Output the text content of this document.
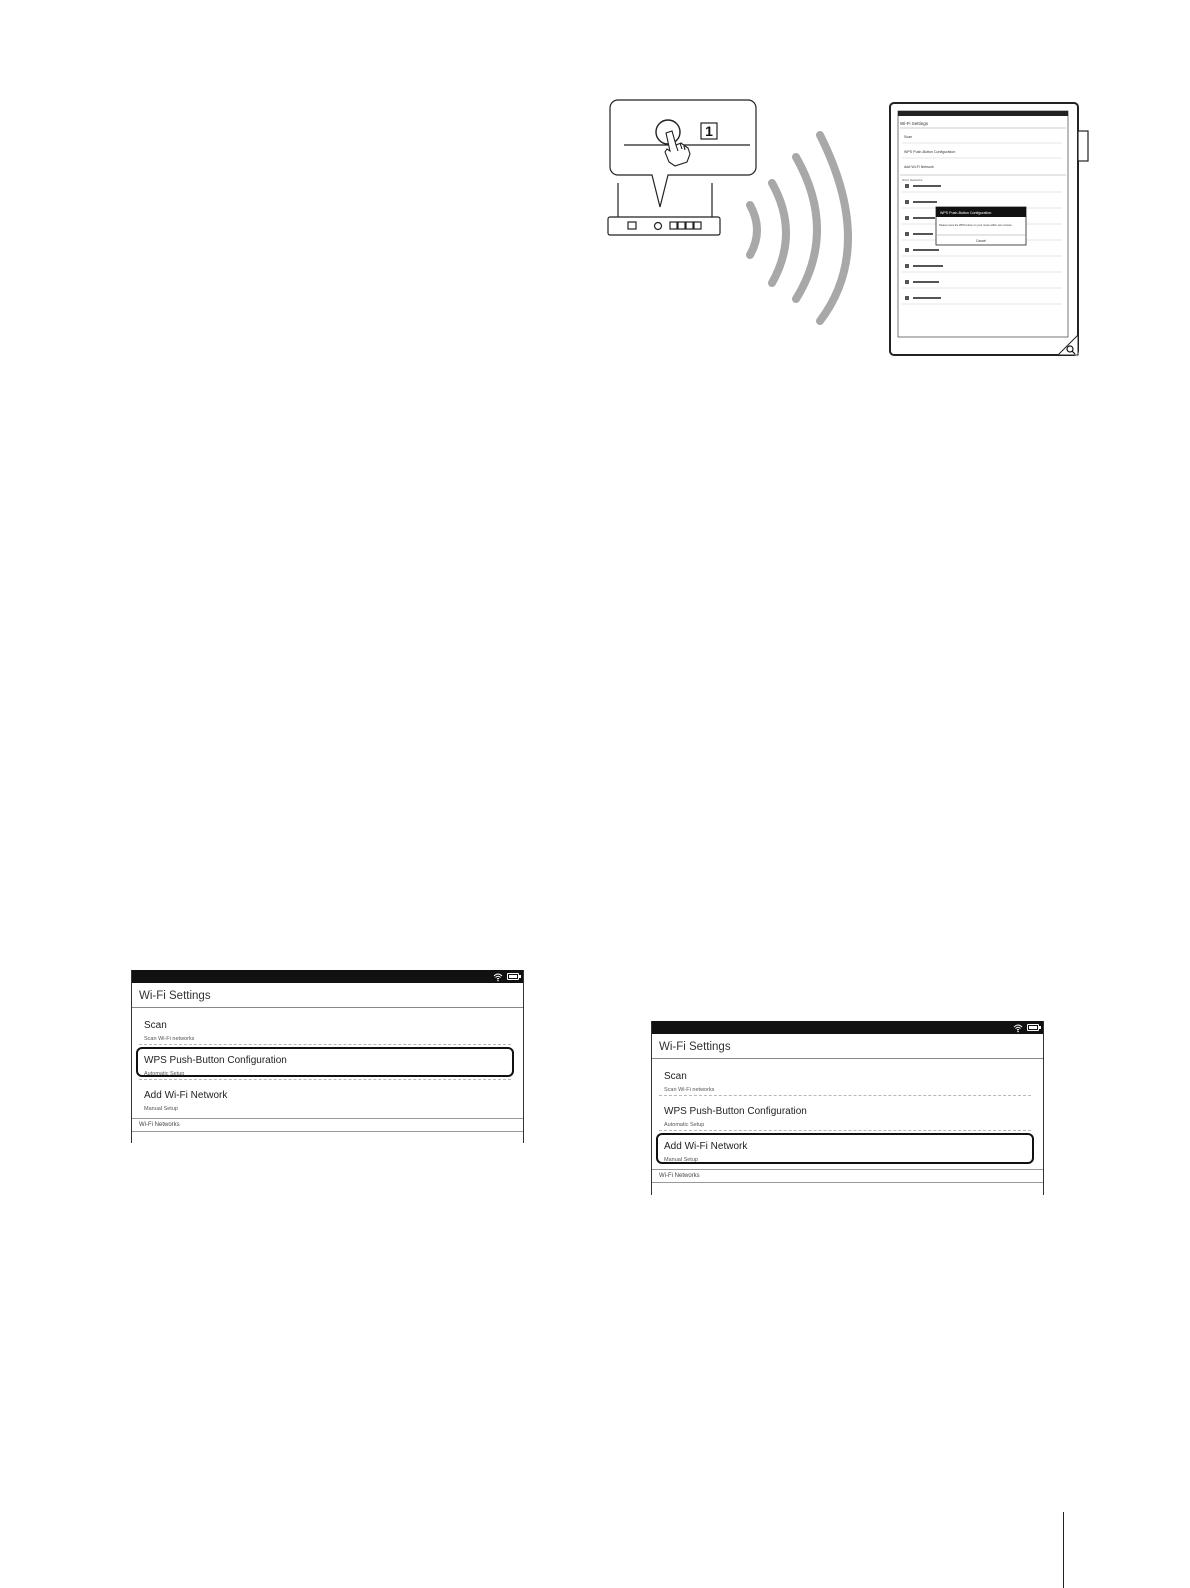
1	Wi-Fi Settings
Scan
WPS Push-Button Configuration
Add Wi-Fi Network
Wi-Fi Networks
WPS Push-Button Configuration
Please press the WPS button on your router within two minutes.
Cancel
Wi-Fi Settings
Scan
Scan Wi-Fi networks
WPS Push-Button Configuration
Automatic Setup
Add Wi-Fi Network
Manual Setup
Wi-Fi Networks
Wi-Fi Settings
Scan
Scan Wi-Fi networks
WPS Push-Button Configuration
Automatic Setup
Add Wi-Fi Network
Manual Setup
Wi-Fi Networks
